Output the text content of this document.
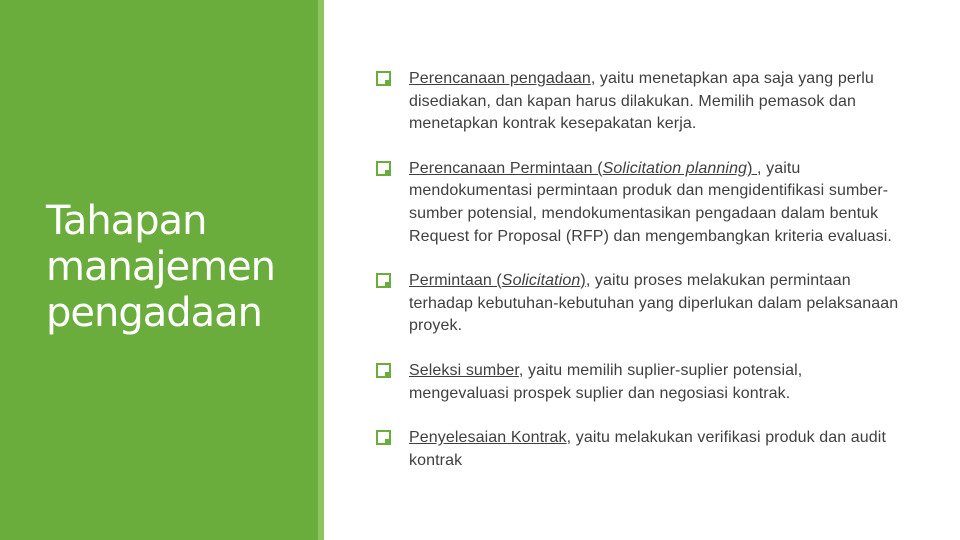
Tahapan manajemen pengadaan
Perencanaan pengadaan, yaitu menetapkan apa saja yang perlu disediakan, dan kapan harus dilakukan. Memilih pemasok dan menetapkan kontrak kesepakatan kerja.
Perencanaan Permintaan (Solicitation planning) , yaitu mendokumentasi permintaan produk dan mengidentifikasi sumber-sumber potensial, mendokumentasikan pengadaan dalam bentuk Request for Proposal (RFP) dan mengembangkan kriteria evaluasi.
Permintaan (Solicitation), yaitu proses melakukan permintaan terhadap kebutuhan-kebutuhan yang diperlukan dalam pelaksanaan proyek.
Seleksi sumber, yaitu memilih suplier-suplier potensial, mengevaluasi prospek suplier dan negosiasi kontrak.
Penyelesaian Kontrak, yaitu melakukan verifikasi produk dan audit kontrak
